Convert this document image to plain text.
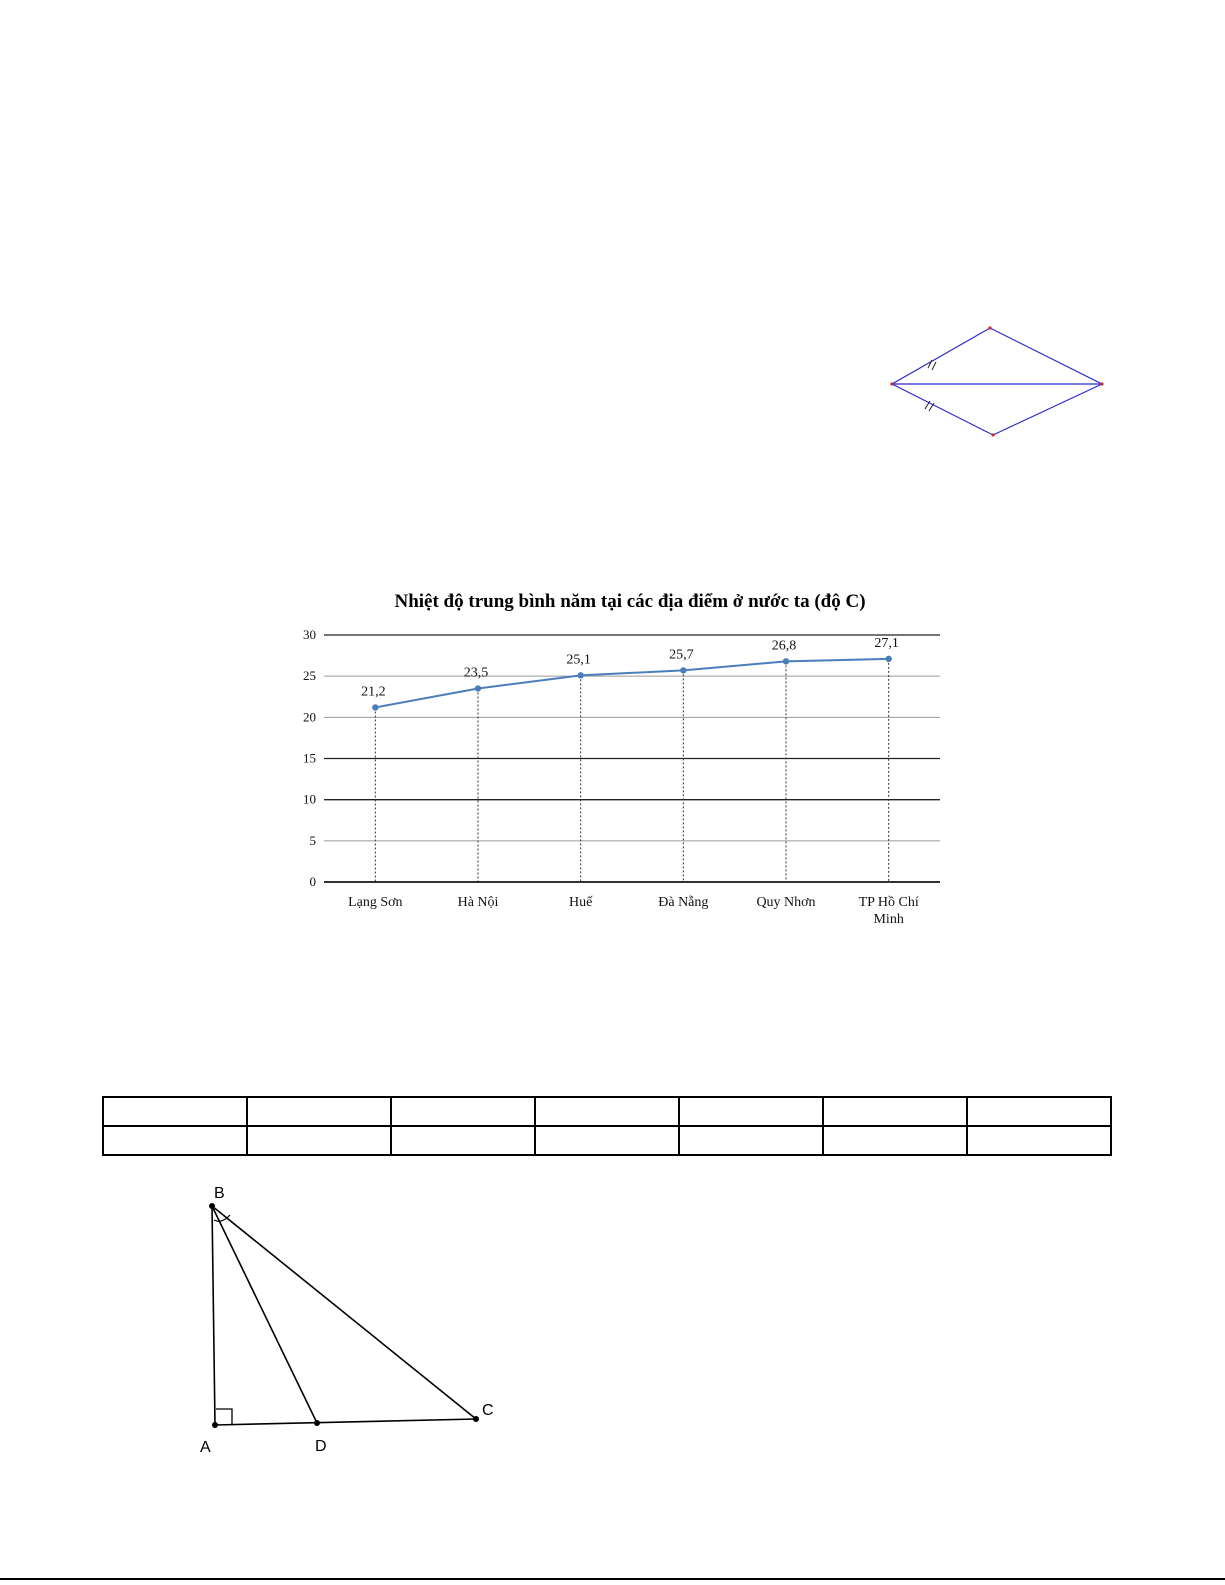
0
5
10
15
20
25
30
Lạng Sơn	Hà Nội	Huế	Đà Nẵng	Quy Nhơn	TP Hồ Chí Minh
21,2
23,5
25,1	25,7
26,8	27,1
Nhiệt độ trung bình năm tại các địa điểm ở nước ta (độ C)

B
A	D
C
